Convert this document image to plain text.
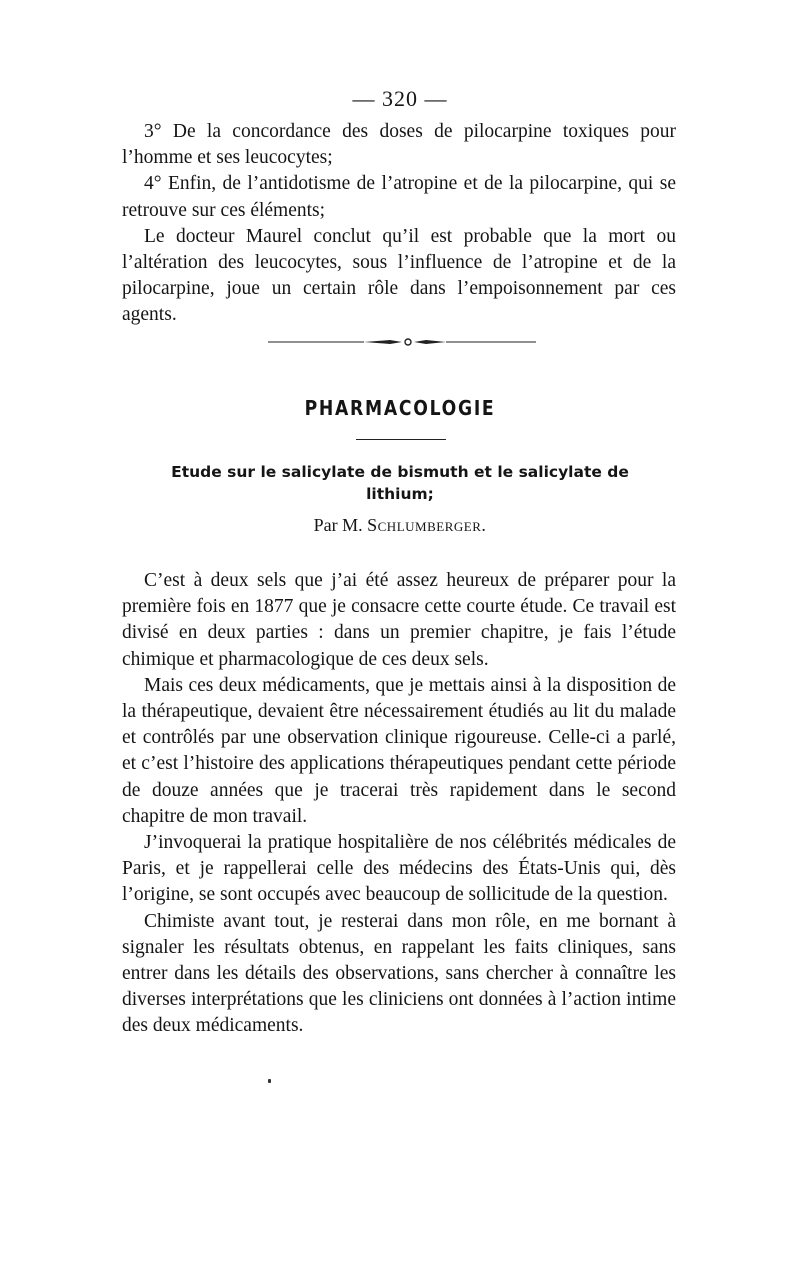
— 320 —

3° De la concordance des doses de pilocarpine toxiques pour l’homme et ses leucocytes;

4° Enfin, de l’antidotisme de l’atropine et de la pilocarpine, qui se retrouve sur ces éléments;

Le docteur Maurel conclut qu’il est probable que la mort ou l’altération des leucocytes, sous l’influence de l’atropine et de la pilocarpine, joue un certain rôle dans l’empoisonnement par ces agents.

PHARMACOLOGIE
Etude sur le salicylate de bismuth et le salicylate de lithium;
Par M. Schlumberger.

C’est à deux sels que j’ai été assez heureux de préparer pour la première fois en 1877 que je consacre cette courte étude. Ce travail est divisé en deux parties : dans un premier chapitre, je fais l’étude chimique et pharmacologique de ces deux sels.

Mais ces deux médicaments, que je mettais ainsi à la disposition de la thérapeutique, devaient être nécessairement étudiés au lit du malade et contrôlés par une observation clinique rigoureuse. Celle-ci a parlé, et c’est l’histoire des applications thérapeutiques pendant cette période de douze années que je tracerai très rapidement dans le second chapitre de mon travail.

J’invoquerai la pratique hospitalière de nos célébrités médicales de Paris, et je rappellerai celle des médecins des États-Unis qui, dès l’origine, se sont occupés avec beaucoup de sollicitude de la question.

Chimiste avant tout, je resterai dans mon rôle, en me bornant à signaler les résultats obtenus, en rappelant les faits cliniques, sans entrer dans les détails des observations, sans chercher à connaître les diverses interprétations que les cliniciens ont données à l’action intime des deux médicaments.
